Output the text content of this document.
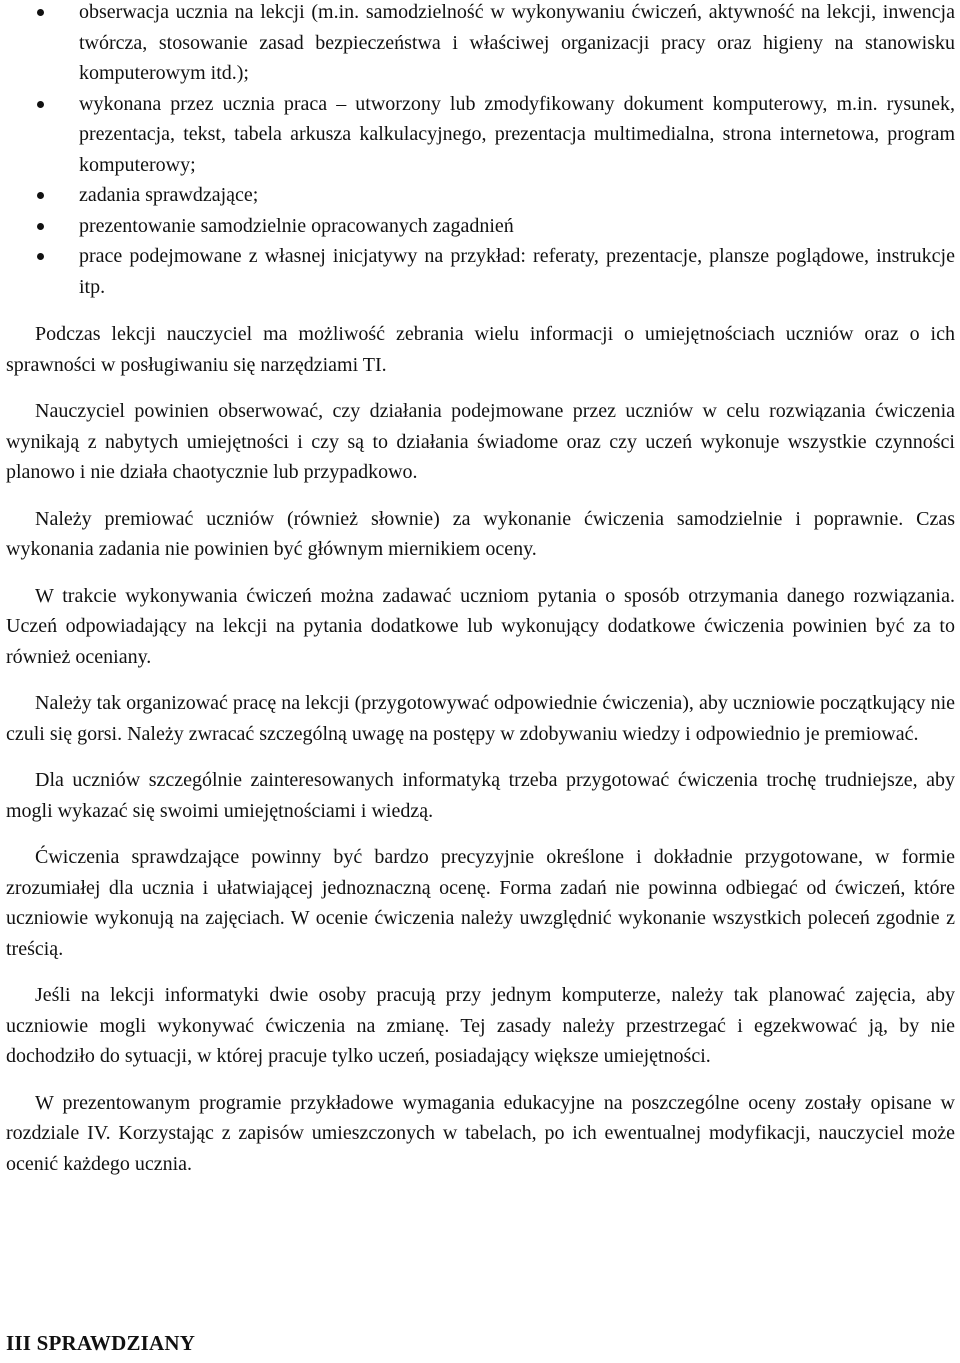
obserwacja ucznia na lekcji (m.in. samodzielność w wykonywaniu ćwiczeń, aktywność na lekcji, inwencja twórcza, stosowanie zasad bezpieczeństwa i właściwej organizacji pracy oraz higieny na stanowisku komputerowym itd.);
wykonana przez ucznia praca – utworzony lub zmodyfikowany dokument komputerowy, m.in. rysunek, prezentacja, tekst, tabela arkusza kalkulacyjnego, prezentacja multimedialna, strona internetowa, program komputerowy;
zadania sprawdzające;
prezentowanie samodzielnie opracowanych zagadnień
prace podejmowane z własnej inicjatywy na przykład: referaty, prezentacje, plansze poglądowe, instrukcje itp.

Podczas lekcji nauczyciel ma możliwość zebrania wielu informacji o umiejętnościach uczniów oraz o ich sprawności w posługiwaniu się narzędziami TI.

Nauczyciel powinien obserwować, czy działania podejmowane przez uczniów w celu rozwiązania ćwiczenia wynikają z nabytych umiejętności i czy są to działania świadome oraz czy uczeń wykonuje wszystkie czynności planowo i nie działa chaotycznie lub przypadkowo.

Należy premiować uczniów (również słownie) za wykonanie ćwiczenia samodzielnie i poprawnie. Czas wykonania zadania nie powinien być głównym miernikiem oceny.

W trakcie wykonywania ćwiczeń można zadawać uczniom pytania o sposób otrzymania danego rozwiązania. Uczeń odpowiadający na lekcji na pytania dodatkowe lub wykonujący dodatkowe ćwiczenia powinien być za to również oceniany.

Należy tak organizować pracę na lekcji (przygotowywać odpowiednie ćwiczenia), aby uczniowie początkujący nie czuli się gorsi. Należy zwracać szczególną uwagę na postępy w zdobywaniu wiedzy i odpowiednio je premiować.

Dla uczniów szczególnie zainteresowanych informatyką trzeba przygotować ćwiczenia trochę trudniejsze, aby mogli wykazać się swoimi umiejętnościami i wiedzą.

Ćwiczenia sprawdzające powinny być bardzo precyzyjnie określone i dokładnie przygotowane, w formie zrozumiałej dla ucznia i ułatwiającej jednoznaczną ocenę. Forma zadań nie powinna odbiegać od ćwiczeń, które uczniowie wykonują na zajęciach. W ocenie ćwiczenia należy uwzględnić wykonanie wszystkich poleceń zgodnie z treścią.

Jeśli na lekcji informatyki dwie osoby pracują przy jednym komputerze, należy tak planować zajęcia, aby uczniowie mogli wykonywać ćwiczenia na zmianę. Tej zasady należy przestrzegać i egzekwować ją, by nie dochodziło do sytuacji, w której pracuje tylko uczeń, posiadający większe umiejętności.

W prezentowanym programie przykładowe wymagania edukacyjne na poszczególne oceny zostały opisane w rozdziale IV. Korzystając z zapisów umieszczonych w tabelach, po ich ewentualnej modyfikacji, nauczyciel może ocenić każdego ucznia.

III SPRAWDZIANY
